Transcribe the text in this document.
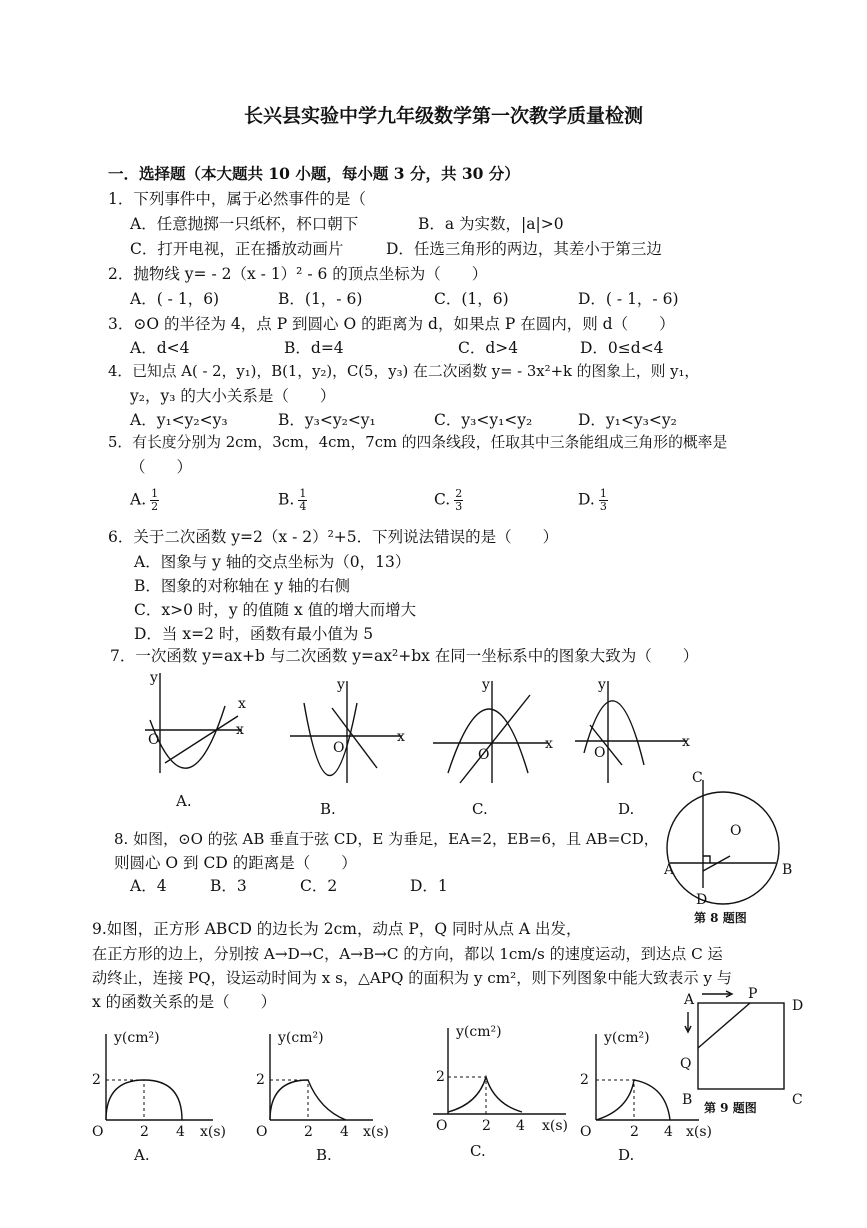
长兴县实验中学九年级数学第一次教学质量检测
一．选择题（本大题共 10 小题，每小题 3 分，共 30 分）
1．下列事件中，属于必然事件的是（
A．任意抛掷一只纸杯，杯口朝下	B．a 为实数，|a|>0
C．打开电视，正在播放动画片	D．任选三角形的两边，其差小于第三边
2．抛物线 y= - 2（x - 1）² - 6 的顶点坐标为（　　）
A．( - 1，6)	B．(1，- 6)	C．(1，6)	D．( - 1，- 6)
3．⊙O 的半径为 4，点 P 到圆心 O 的距离为 d，如果点 P 在圆内，则 d（　　）
A．d<4	B．d=4	C．d>4	D．0≤d<4
4．已知点 A( - 2，y₁)，B(1，y₂)，C(5，y₃) 在二次函数 y= - 3x²+k 的图象上，则 y₁，
y₂，y₃ 的大小关系是（　　）
A．y₁<y₂<y₃	B．y₃<y₂<y₁	C．y₃<y₁<y₂	D．y₁<y₃<y₂
5．有长度分别为 2cm，3cm，4cm，7cm 的四条线段，任取其中三条能组成三角形的概率是
（　　）
A. $\frac{1}{2}$	B. $\frac{1}{4}$	C. $\frac{2}{3}$	D. $\frac{1}{3}$
6．关于二次函数 y=2（x - 2）²+5．下列说法错误的是（　　）
A．图象与 y 轴的交点坐标为（0，13）
B．图象的对称轴在 y 轴的右侧
C．x>0 时，y 的值随 x 值的增大而增大
D．当 x=2 时，函数有最小值为 5
7．一次函数 y=ax+b 与二次函数 y=ax²+bx 在同一坐标系中的图象大致为（　　）
y
x
x
O
A.
y
x
O
B.
y
x
O
C.
y
x
O
D.
8. 如图，⊙O 的弦 AB 垂直于弦 CD，E 为垂足，EA=2，EB=6，且 AB=CD，
则圆心 O 到 CD 的距离是（　　）
A．4	B．3	C．2	D．1
C
O
A	B
D
第 8 题图
9.如图，正方形 ABCD 的边长为 2cm，动点 P，Q 同时从点 A 出发，
在正方形的边上，分别按 A→D→C，A→B→C 的方向，都以 1cm/s 的速度运动，到达点 C 运
动终止，连接 PQ，设运动时间为 x s，△APQ 的面积为 y cm²，则下列图象中能大致表示 y 与
x 的函数关系的是（　　）	A	P
D
Q
B	C
第 9 题图
y(cm²)
2
O	2 4 x(s)
A.
y(cm²)
2
O	2 4 x(s)
B.
y(cm²)
2
O 2 4 x(s)
C.
y(cm²)
2
O	2 4 x(s)
D.
